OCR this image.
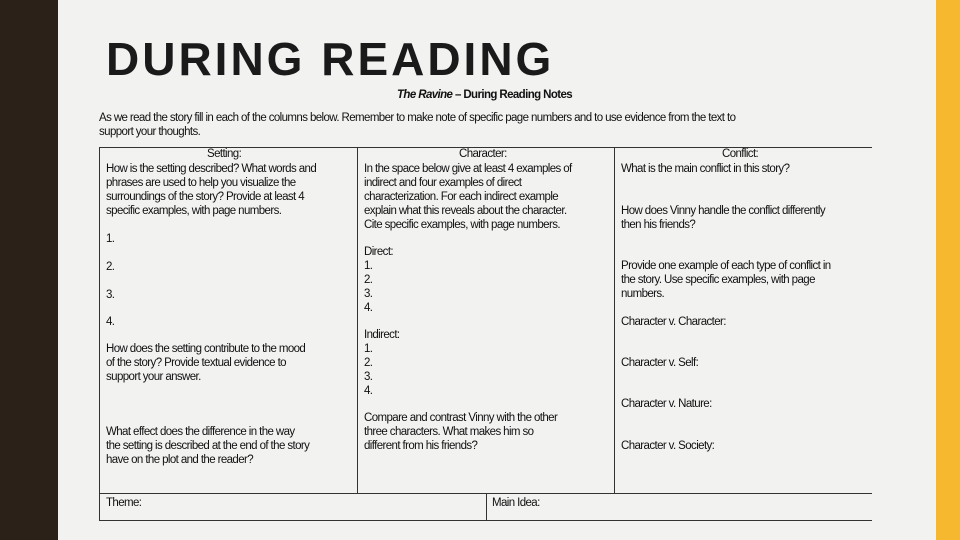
DURING READING
The Ravine – During Reading Notes
As we read the story fill in each of the columns below. Remember to make note of specific page numbers and to use evidence from the text to
support your thoughts.
Setting:
How is the setting described? What words and
phrases are used to help you visualize the
surroundings of the story? Provide at least 4
specific examples, with page numbers.
1.
2.
3.
4.
How does the setting contribute to the mood
of the story? Provide textual evidence to
support your answer.
What effect does the difference in the way
the setting is described at the end of the story
have on the plot and the reader?
Character:
In the space below give at least 4 examples of
indirect and four examples of direct
characterization. For each indirect example
explain what this reveals about the character.
Cite specific examples, with page numbers.
Direct:
1.
2.
3.
4.
Indirect:
1.
2.
3.
4.
Compare and contrast Vinny with the other
three characters. What makes him so
different from his friends?
Conflict:
What is the main conflict in this story?
How does Vinny handle the conflict differently
then his friends?
Provide one example of each type of conflict in
the story. Use specific examples, with page
numbers.
Character v. Character:
Character v. Self:
Character v. Nature:
Character v. Society:
Theme:	Main Idea:
